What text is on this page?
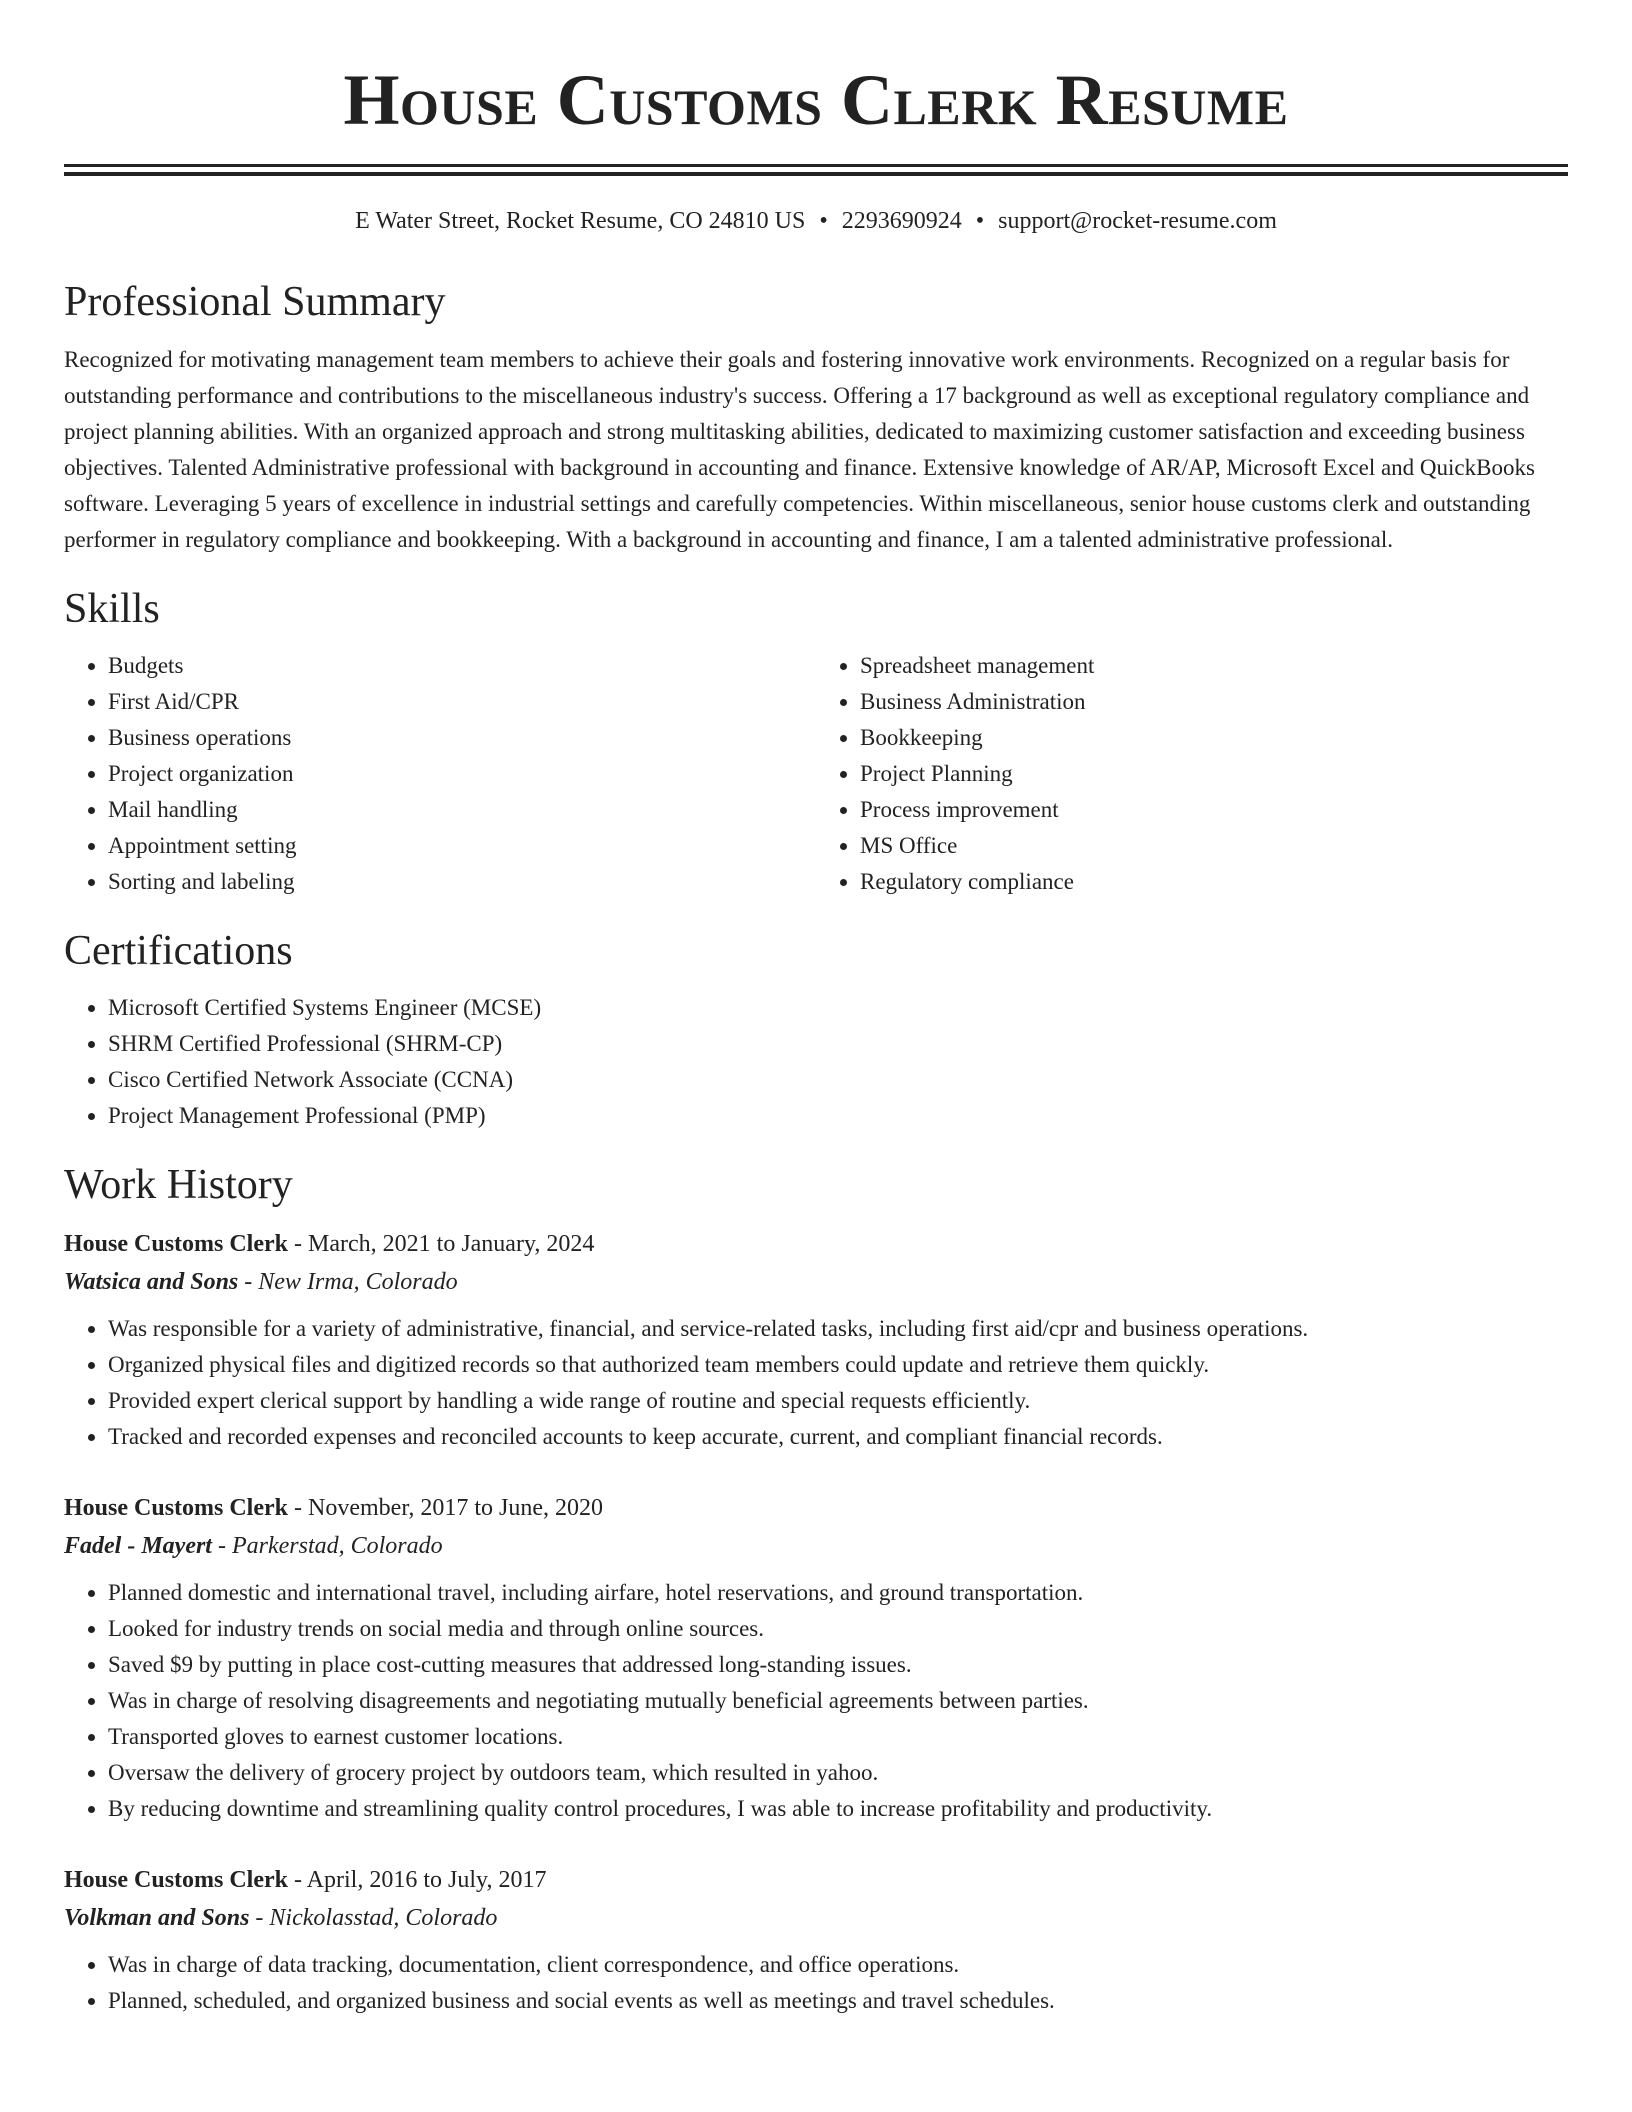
House Customs Clerk Resume
E Water Street, Rocket Resume, CO 24810 US • 2293690924 • support@rocket-resume.com
Professional Summary

Recognized for motivating management team members to achieve their goals and fostering innovative work environments. Recognized on a regular basis for outstanding performance and contributions to the miscellaneous industry's success. Offering a 17 background as well as exceptional regulatory compliance and project planning abilities. With an organized approach and strong multitasking abilities, dedicated to maximizing customer satisfaction and exceeding business objectives. Talented Administrative professional with background in accounting and finance. Extensive knowledge of AR/AP, Microsoft Excel and QuickBooks software. Leveraging 5 years of excellence in industrial settings and carefully competencies. Within miscellaneous, senior house customs clerk and outstanding performer in regulatory compliance and bookkeeping. With a background in accounting and finance, I am a talented administrative professional.

Skills
• Budgets
• First Aid/CPR
• Business operations
• Project organization
• Mail handling
• Appointment setting
• Sorting and labeling
• Spreadsheet management
• Business Administration
• Bookkeeping
• Project Planning
• Process improvement
• MS Office
• Regulatory compliance
Certifications
• Microsoft Certified Systems Engineer (MCSE)
• SHRM Certified Professional (SHRM-CP)
• Cisco Certified Network Associate (CCNA)
• Project Management Professional (PMP)
Work History
House Customs Clerk - March, 2021 to January, 2024
Watsica and Sons - New Irma, Colorado
• Was responsible for a variety of administrative, financial, and service-related tasks, including first aid/cpr and business operations.
• Organized physical files and digitized records so that authorized team members could update and retrieve them quickly.
• Provided expert clerical support by handling a wide range of routine and special requests efficiently.
• Tracked and recorded expenses and reconciled accounts to keep accurate, current, and compliant financial records.
House Customs Clerk - November, 2017 to June, 2020
Fadel - Mayert - Parkerstad, Colorado
• Planned domestic and international travel, including airfare, hotel reservations, and ground transportation.
• Looked for industry trends on social media and through online sources.
• Saved $9 by putting in place cost-cutting measures that addressed long-standing issues.
• Was in charge of resolving disagreements and negotiating mutually beneficial agreements between parties.
• Transported gloves to earnest customer locations.
• Oversaw the delivery of grocery project by outdoors team, which resulted in yahoo.
• By reducing downtime and streamlining quality control procedures, I was able to increase profitability and productivity.
House Customs Clerk - April, 2016 to July, 2017
Volkman and Sons - Nickolasstad, Colorado
• Was in charge of data tracking, documentation, client correspondence, and office operations.
• Planned, scheduled, and organized business and social events as well as meetings and travel schedules.
